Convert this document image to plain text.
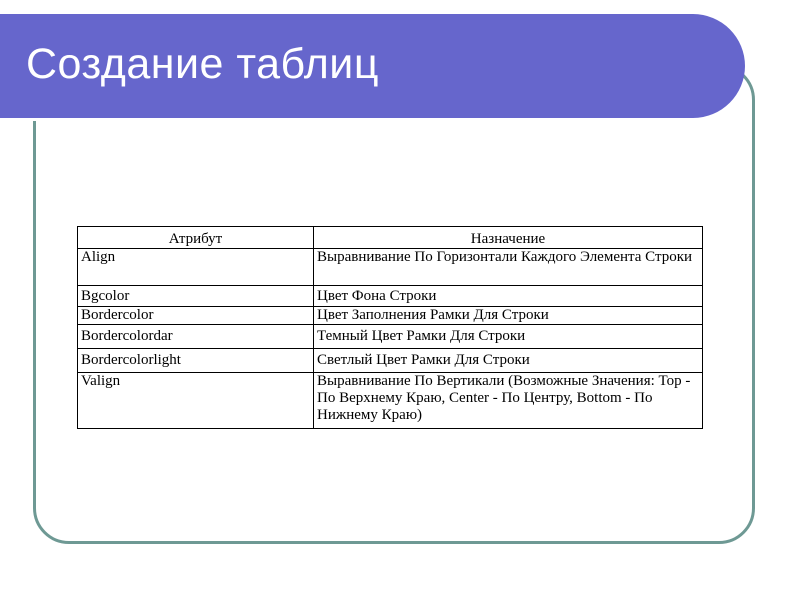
Создание таблиц
Атрибут	Назначение
Align	Выравнивание По Горизонтали Каждого Элемента Строки
Bgcolor	Цвет Фона Строки
Bordercolor	Цвет Заполнения Рамки Для Строки
Bordercolordar	Темный Цвет Рамки Для Строки
Bordercolorlight	Светлый Цвет Рамки Для Строки
Valign	Выравнивание По Вертикали (Возможные Значения: Top - По Верхнему Краю, Center - По Центру, Bottom - По Нижнему Краю)
